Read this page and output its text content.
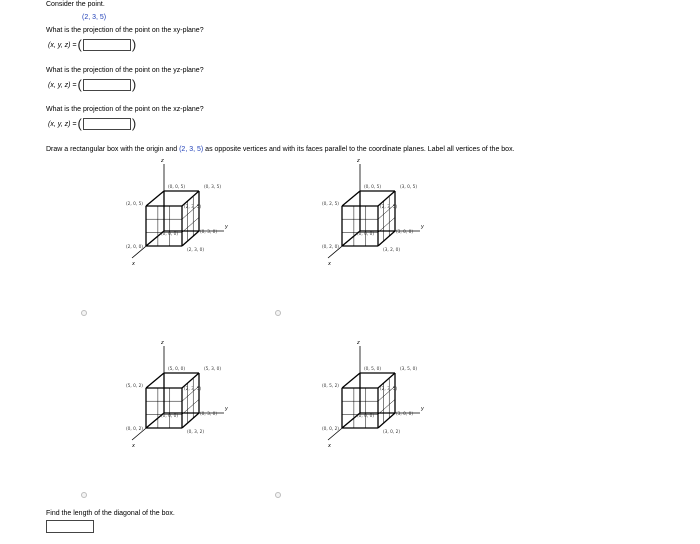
Consider the point.
(2, 3, 5)
What is the projection of the point on the xy-plane?
(x, y, z) = (	)
What is the projection of the point on the yz-plane?
(x, y, z) = (	)
What is the projection of the point on the xz-plane?
(x, y, z) = (	)
Draw a rectangular box with the origin and (2, 3, 5) as opposite vertices and with its faces parallel to the coordinate planes. Label all vertices of the box.
z
y
x
(0, 0, 5)	(0, 3, 5)
(2, 0, 5)
(2, 3, 5)
(0, 0, 0)	(0, 3, 0)
(2, 0, 0)
(2, 3, 0)
z
y
x
(0, 0, 5)	(3, 0, 5)
(0, 2, 5)
(2, 3, 5)
(0, 0, 0)	(3, 0, 0)
(0, 2, 0)
(3, 2, 0)
z
y
x
(5, 0, 0)	(5, 3, 0)
(5, 0, 2)
(2, 3, 5)
(0, 0, 0)	(0, 3, 0)
(0, 0, 2)
(0, 3, 2)
z
y
x
(0, 5, 0)	(3, 5, 0)
(0, 5, 2)
(2, 3, 5)
(0, 0, 0)	(3, 0, 0)
(0, 0, 2)
(3, 0, 2)
Find the length of the diagonal of the box.
